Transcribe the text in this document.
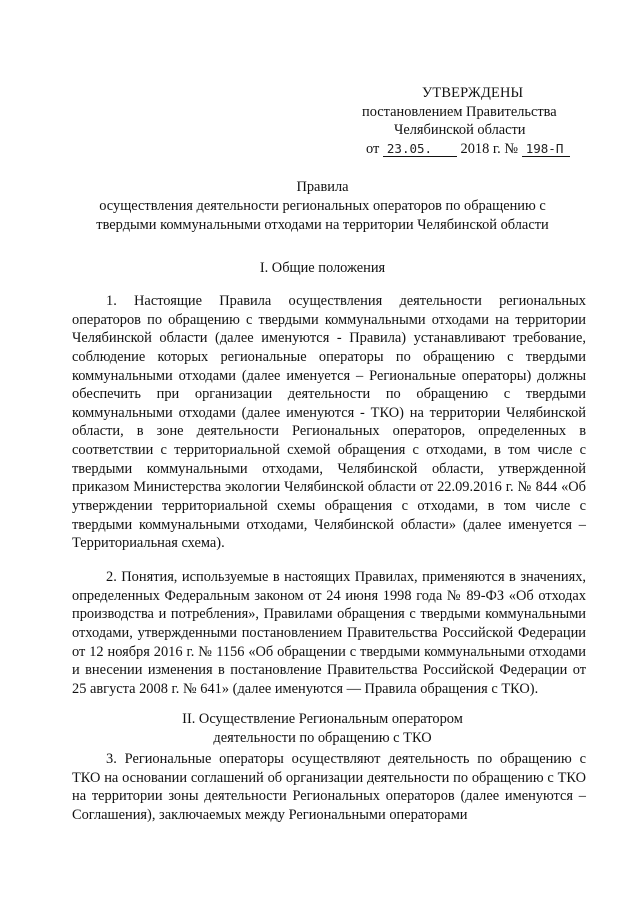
УТВЕРЖДЕНЫ
постановлением Правительства
Челябинской области
от 23.05. 2018 г. № 198-П
Правила
осуществления деятельности региональных операторов по обращению с
твердыми коммунальными отходами на территории Челябинской области
I. Общие положения
1. Настоящие Правила осуществления деятельности региональных операторов по обращению с твердыми коммунальными отходами на территории Челябинской области (далее именуются - Правила) устанавливают требование, соблюдение которых региональные операторы по обращению с твердыми коммунальными отходами (далее именуется – Региональные операторы) должны обеспечить при организации деятельности по обращению с твердыми коммунальными отходами (далее именуются - ТКО) на территории Челябинской области, в зоне деятельности Региональных операторов, определенных в соответствии с территориальной схемой обращения с отходами, в том числе с твердыми коммунальными отходами, Челябинской области, утвержденной приказом Министерства экологии Челябинской области от 22.09.2016 г. № 844 «Об утверждении территориальной схемы обращения с отходами, в том числе с твердыми коммунальными отходами, Челябинской области» (далее именуется – Территориальная схема).
2. Понятия, используемые в настоящих Правилах, применяются в значениях, определенных Федеральным законом от 24 июня 1998 года № 89-ФЗ «Об отходах производства и потребления», Правилами обращения с твердыми коммунальными отходами, утвержденными постановлением Правительства Российской Федерации от 12 ноября 2016 г. № 1156 «Об обращении с твердыми коммунальными отходами и внесении изменения в постановление Правительства Российской Федерации от 25 августа 2008 г. № 641» (далее именуются — Правила обращения с ТКО).
II. Осуществление Региональным оператором
деятельности по обращению с ТКО
3. Региональные операторы осуществляют деятельность по обращению с ТКО на основании соглашений об организации деятельности по обращению с ТКО на территории зоны деятельности Региональных операторов (далее именуются – Соглашения), заключаемых между Региональными операторами
